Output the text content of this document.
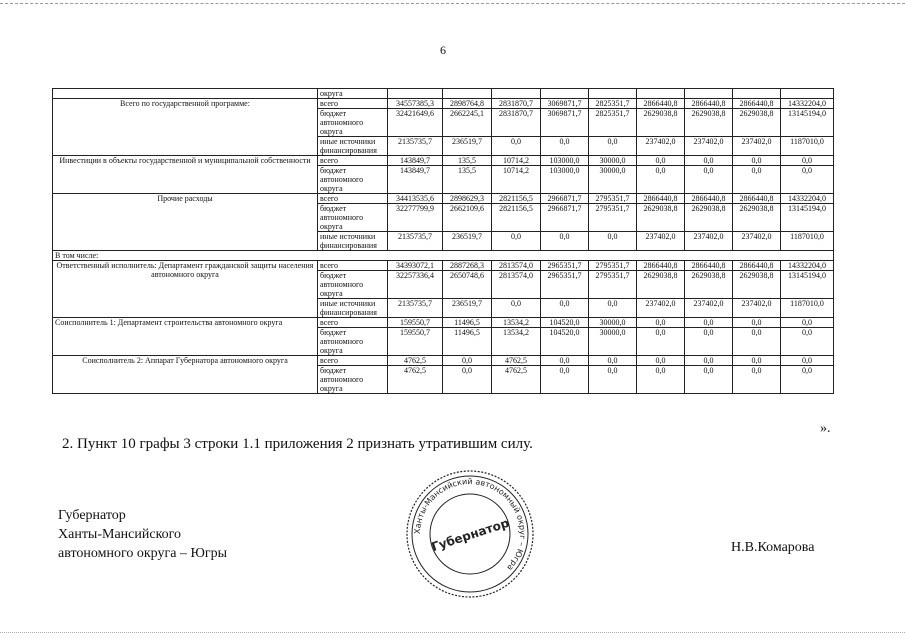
6
	округа									
Всего по государственной программе:	всего	34557385,3	2898764,8	2831870,7	3069871,7	2825351,7	2866440,8	2866440,8	2866440,8	14332204,0
	бюджет автономного округа	32421649,6	2662245,1	2831870,7	3069871,7	2825351,7	2629038,8	2629038,8	2629038,8	13145194,0
	иные источники финансирования	2135735,7	236519,7	0,0	0,0	0,0	237402,0	237402,0	237402,0	1187010,0
Инвестиции в объекты государственной и муниципальной собственности	всего	143849,7	135,5	10714,2	103000,0	30000,0	0,0	0,0	0,0	0,0
	бюджет автономного округа	143849,7	135,5	10714,2	103000,0	30000,0	0,0	0,0	0,0	0,0
Прочие расходы	всего	34413535,6	2898629,3	2821156,5	2966871,7	2795351,7	2866440,8	2866440,8	2866440,8	14332204,0
	бюджет автономного округа	32277799,9	2662109,6	2821156,5	2966871,7	2795351,7	2629038,8	2629038,8	2629038,8	13145194,0
	иные источники финансирования	2135735,7	236519,7	0,0	0,0	0,0	237402,0	237402,0	237402,0	1187010,0
В том числе:										
Ответственный исполнитель: Департамент гражданской защиты населения автономного округа	всего	34393072,1	2887268,3	2813574,0	2965351,7	2795351,7	2866440,8	2866440,8	2866440,8	14332204,0
	бюджет автономного округа	32257336,4	2650748,6	2813574,0	2965351,7	2795351,7	2629038,8	2629038,8	2629038,8	13145194,0
	иные источники финансирования	2135735,7	236519,7	0,0	0,0	0,0	237402,0	237402,0	237402,0	1187010,0
Соисполнитель 1: Департамент строительства автономного округа	всего	159550,7	11496,5	13534,2	104520,0	30000,0	0,0	0,0	0,0	0,0
	бюджет автономного округа	159550,7	11496,5	13534,2	104520,0	30000,0	0,0	0,0	0,0	0,0
Соисполнитель 2: Аппарат Губернатора автономного округа	всего	4762,5	0,0	4762,5	0,0	0,0	0,0	0,0	0,0	0,0
	бюджет автономного округа	4762,5	0,0	4762,5	0,0	0,0	0,0	0,0	0,0	0,0
».
2. Пункт 10 графы 3 строки 1.1 приложения 2 признать утратившим силу.
Губернатор
Ханты-Мансийского
автономного округа – Югры	Н.В.Комарова
Ханты-Мансийский автономный округ – Югра
Губернатор
